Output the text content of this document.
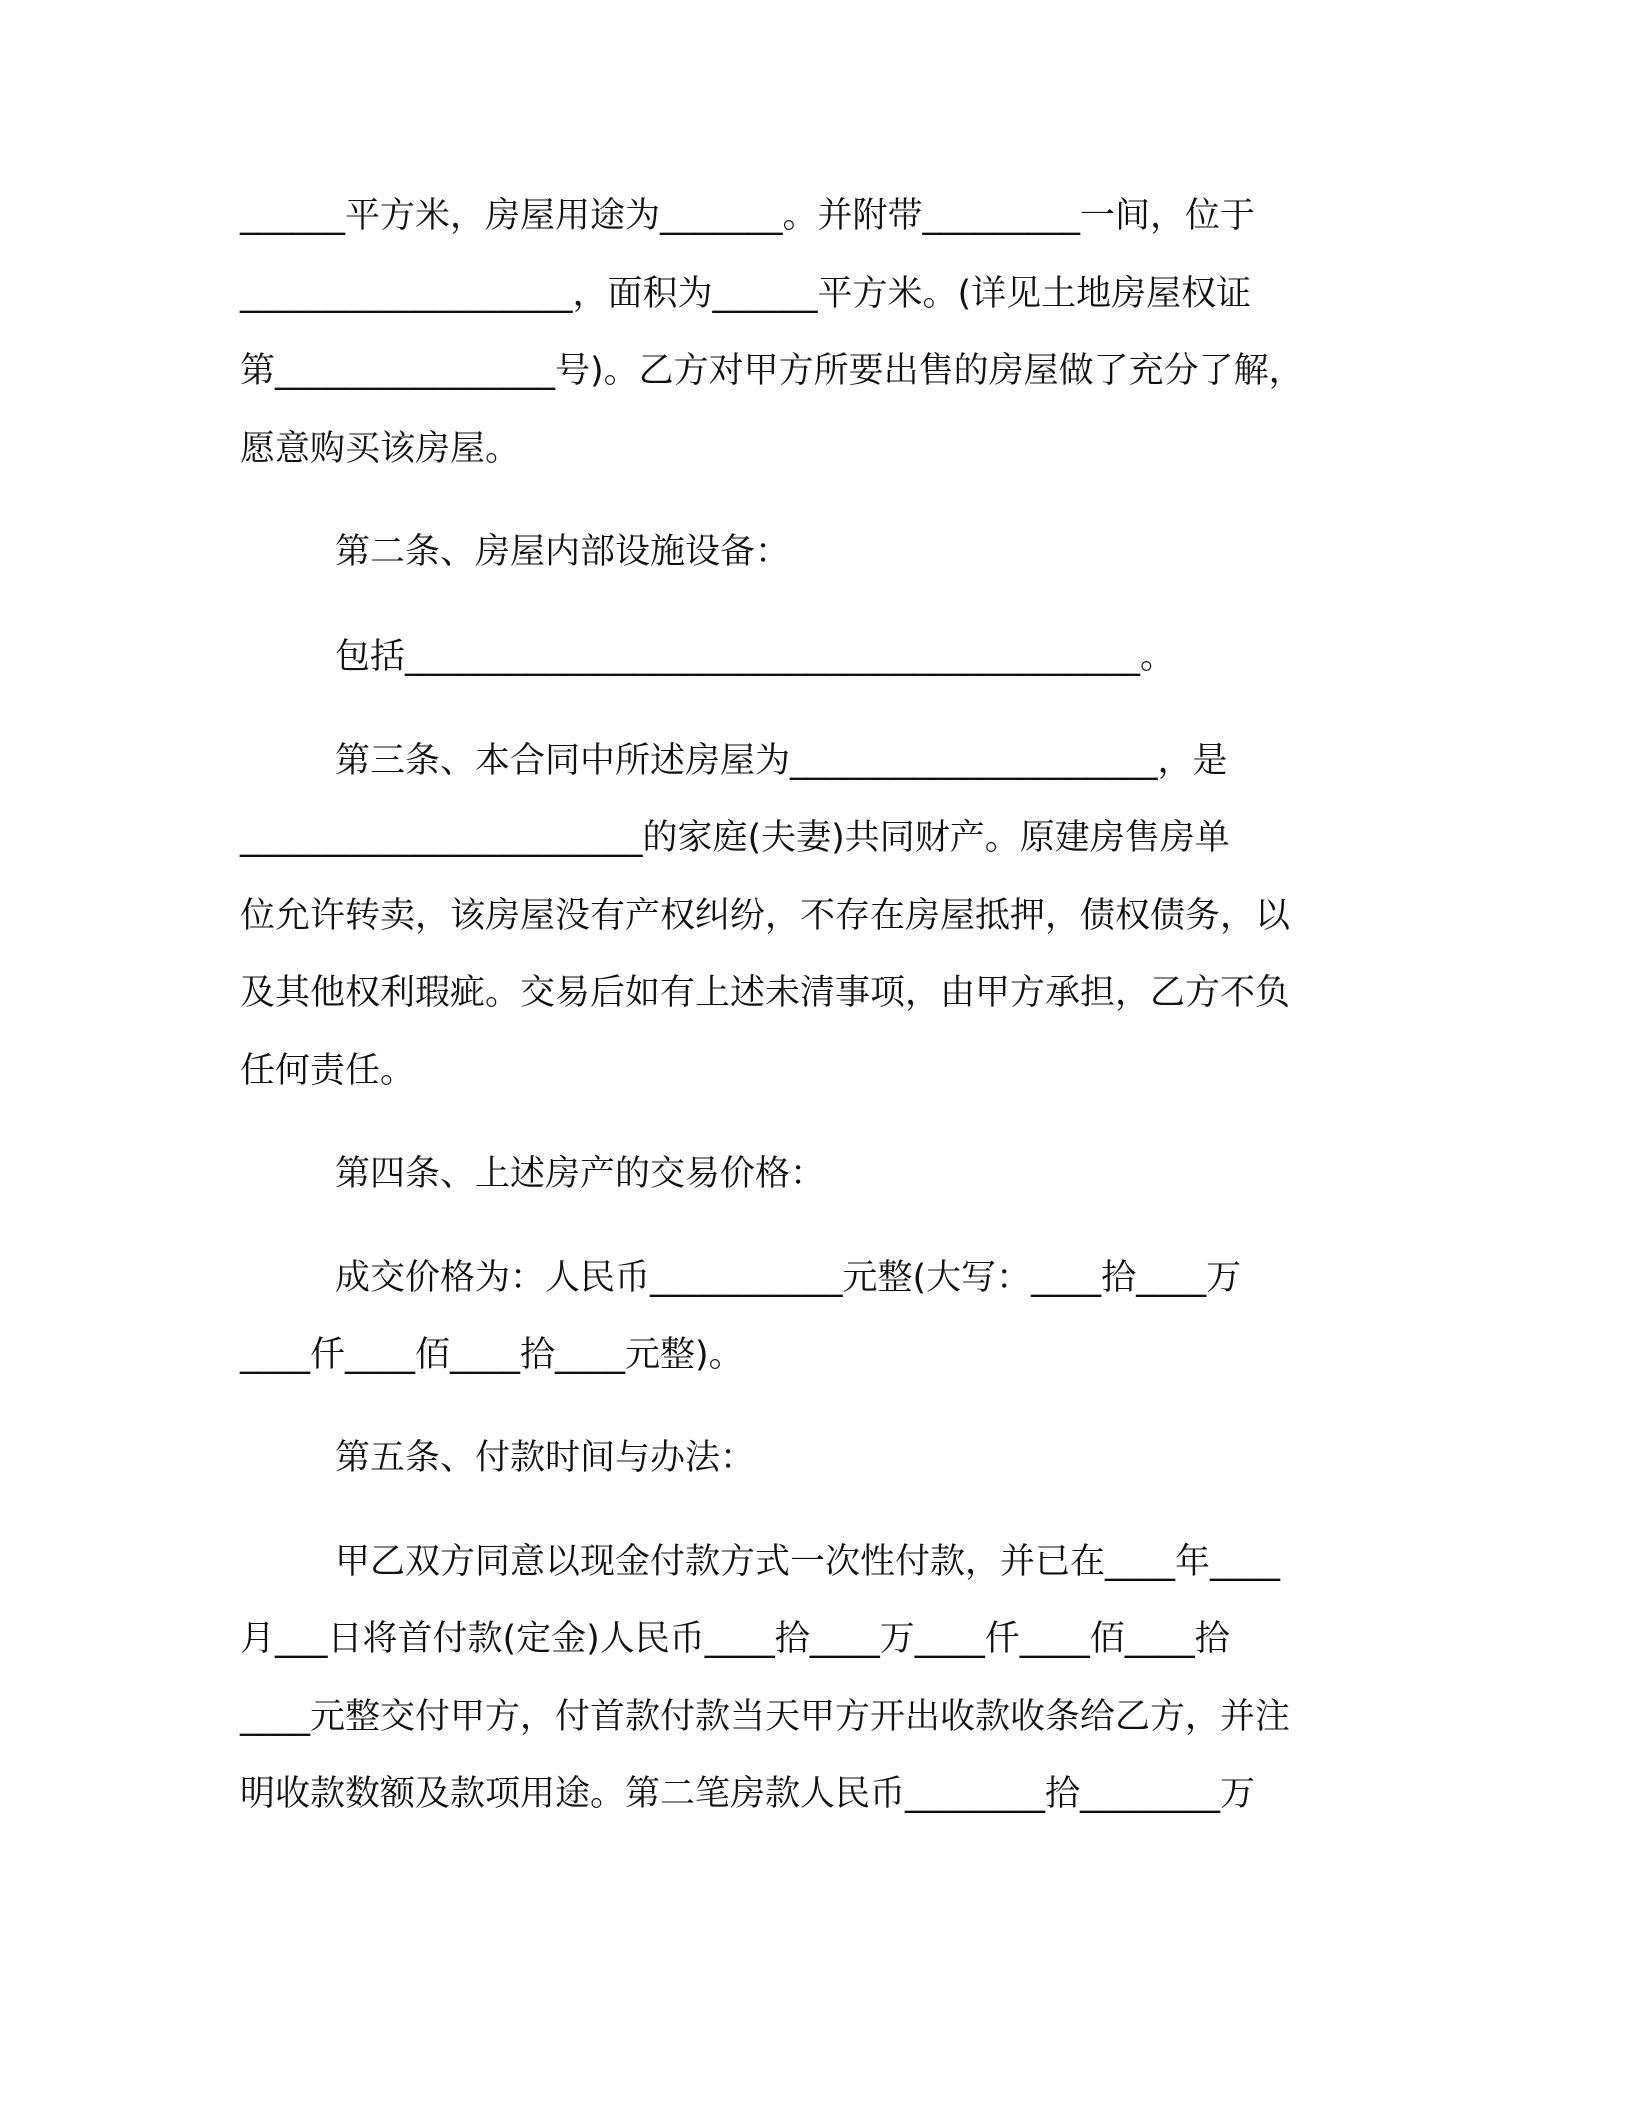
______平方米，房屋用途为_______。并附带_________一间，位于

___________________，面积为______平方米。(详见土地房屋权证

第________________号)。乙方对甲方所要出售的房屋做了充分了解，

愿意购买该房屋。

第二条、房屋内部设施设备：

包括__________________________________________。

第三条、本合同中所述房屋为_____________________，是

_______________________的家庭(夫妻)共同财产。原建房售房单

位允许转卖，该房屋没有产权纠纷，不存在房屋抵押，债权债务，以

及其他权利瑕疵。交易后如有上述未清事项，由甲方承担，乙方不负

任何责任。

第四条、上述房产的交易价格：

成交价格为：人民币___________元整(大写：____拾____万

____仟____佰____拾____元整)。

第五条、付款时间与办法：

甲乙双方同意以现金付款方式一次性付款，并已在____年____

月___日将首付款(定金)人民币____拾____万____仟____佰____拾

____元整交付甲方，付首款付款当天甲方开出收款收条给乙方，并注

明收款数额及款项用途。第二笔房款人民币________拾________万
